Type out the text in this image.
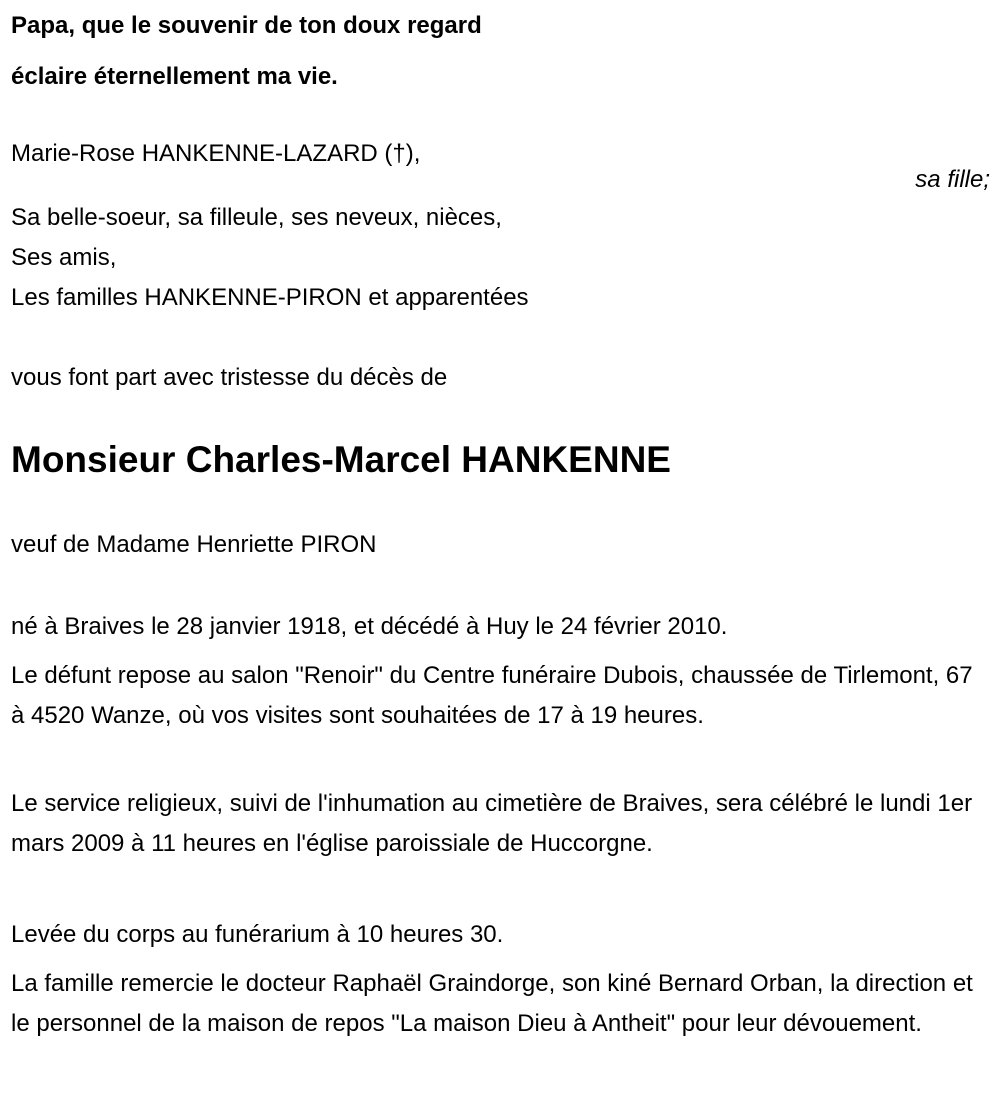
Papa, que le souvenir de ton doux regard
éclaire éternellement ma vie.
Marie-Rose HANKENNE-LAZARD (†),
sa fille;
Sa belle-soeur, sa filleule, ses neveux, nièces,
Ses amis,
Les familles HANKENNE-PIRON et apparentées
vous font part avec tristesse du décès de
Monsieur Charles-Marcel HANKENNE
veuf de Madame Henriette PIRON
né à Braives le 28 janvier 1918, et décédé à Huy le 24 février 2010.
Le défunt repose au salon "Renoir" du Centre funéraire Dubois, chaussée de Tirlemont, 67 à 4520 Wanze, où vos visites sont souhaitées de 17 à 19 heures.
Le service religieux, suivi de l'inhumation au cimetière de Braives, sera célébré le lundi 1er mars 2009 à 11 heures en l'église paroissiale de Huccorgne.
Levée du corps au funérarium à 10 heures 30.
La famille remercie le docteur Raphaël Graindorge, son kiné Bernard Orban, la direction et le personnel de la maison de repos "La maison Dieu à Antheit" pour leur dévouement.
